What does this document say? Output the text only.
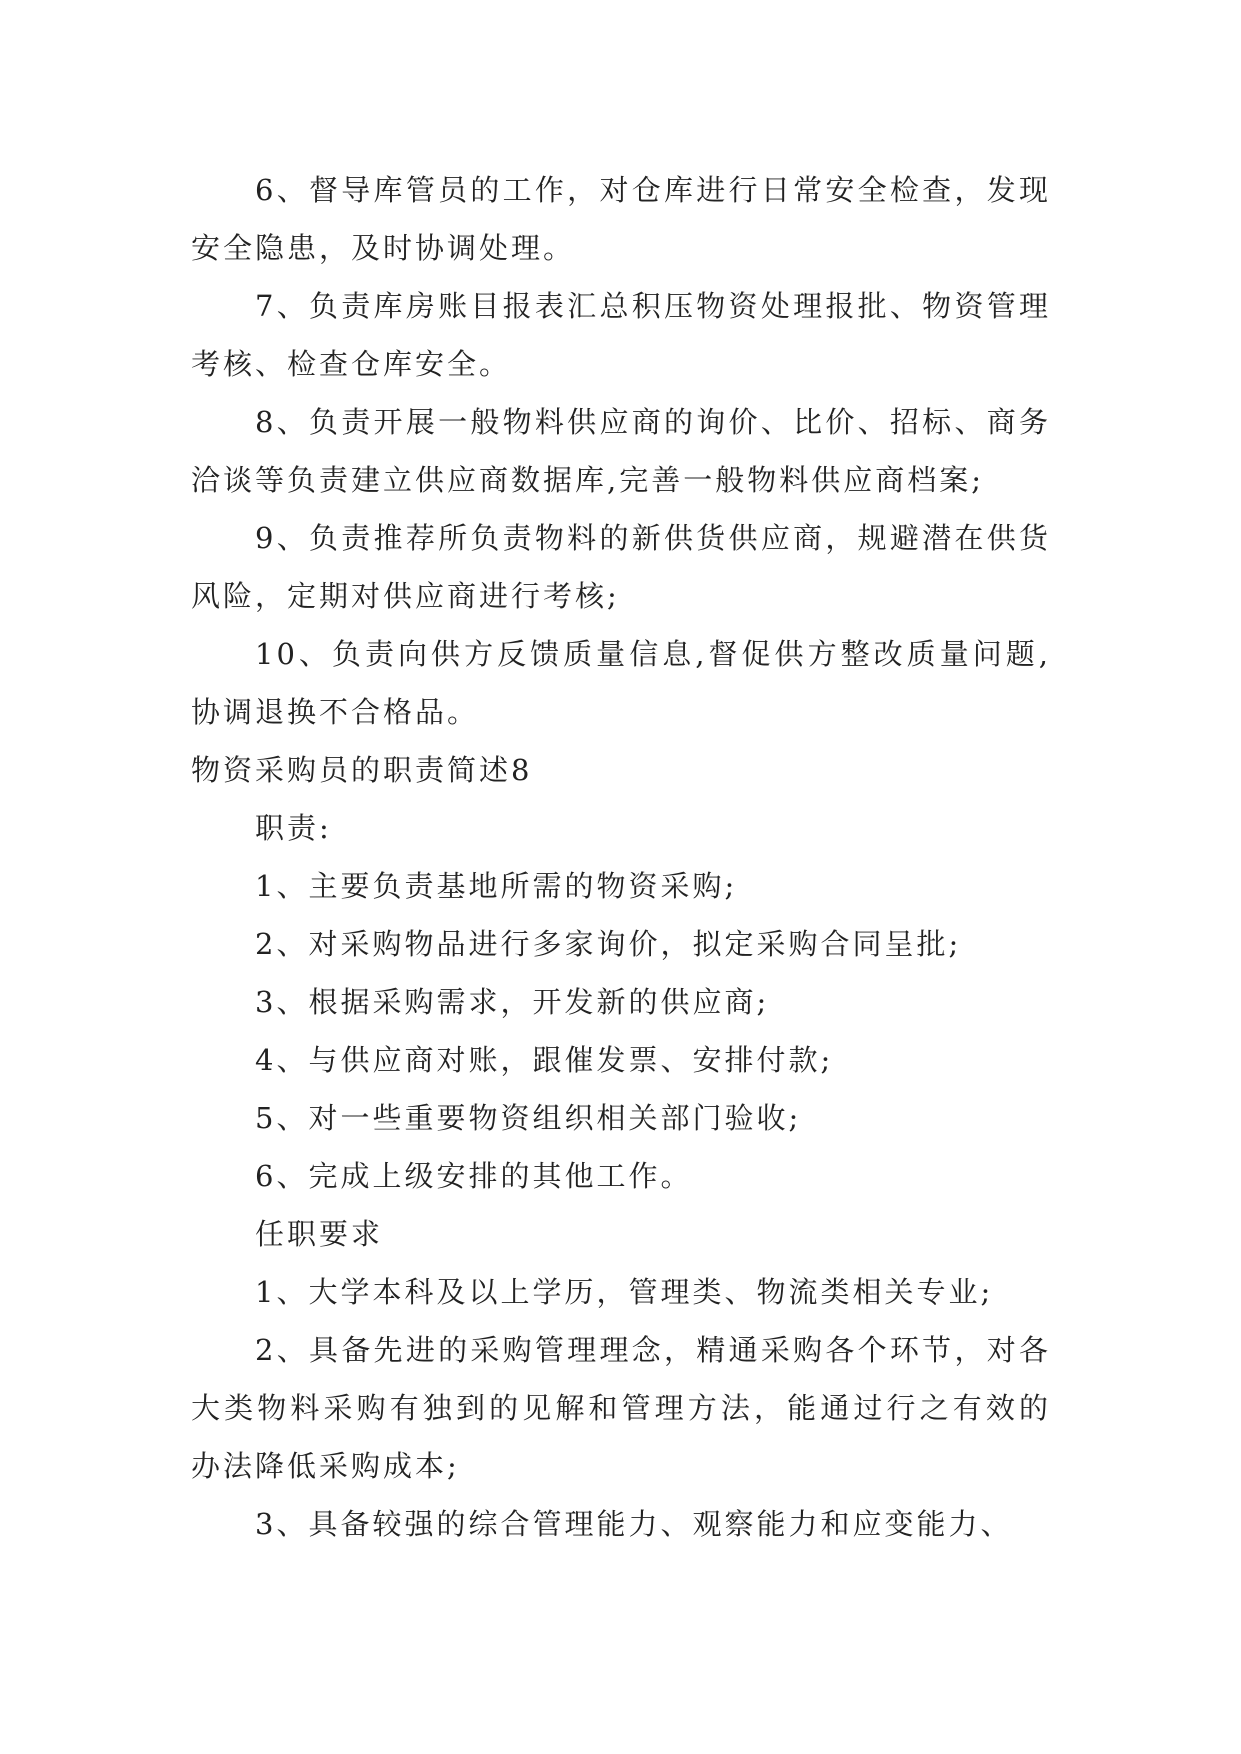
6、督导库管员的工作，对仓库进行日常安全检查，发现安全隐患，及时协调处理。

7、负责库房账目报表汇总积压物资处理报批、物资管理考核、检查仓库安全。

8、负责开展一般物料供应商的询价、比价、招标、商务洽谈等负责建立供应商数据库,完善一般物料供应商档案;

9、负责推荐所负责物料的新供货供应商，规避潜在供货风险，定期对供应商进行考核;

10、负责向供方反馈质量信息,督促供方整改质量问题,协调退换不合格品。

物资采购员的职责简述8

职责:

1、主要负责基地所需的物资采购;

2、对采购物品进行多家询价，拟定采购合同呈批;

3、根据采购需求，开发新的供应商;

4、与供应商对账，跟催发票、安排付款;

5、对一些重要物资组织相关部门验收;

6、完成上级安排的其他工作。

任职要求

1、大学本科及以上学历，管理类、物流类相关专业;

2、具备先进的采购管理理念，精通采购各个环节，对各大类物料采购有独到的见解和管理方法，能通过行之有效的办法降低采购成本;

3、具备较强的综合管理能力、观察能力和应变能力、
